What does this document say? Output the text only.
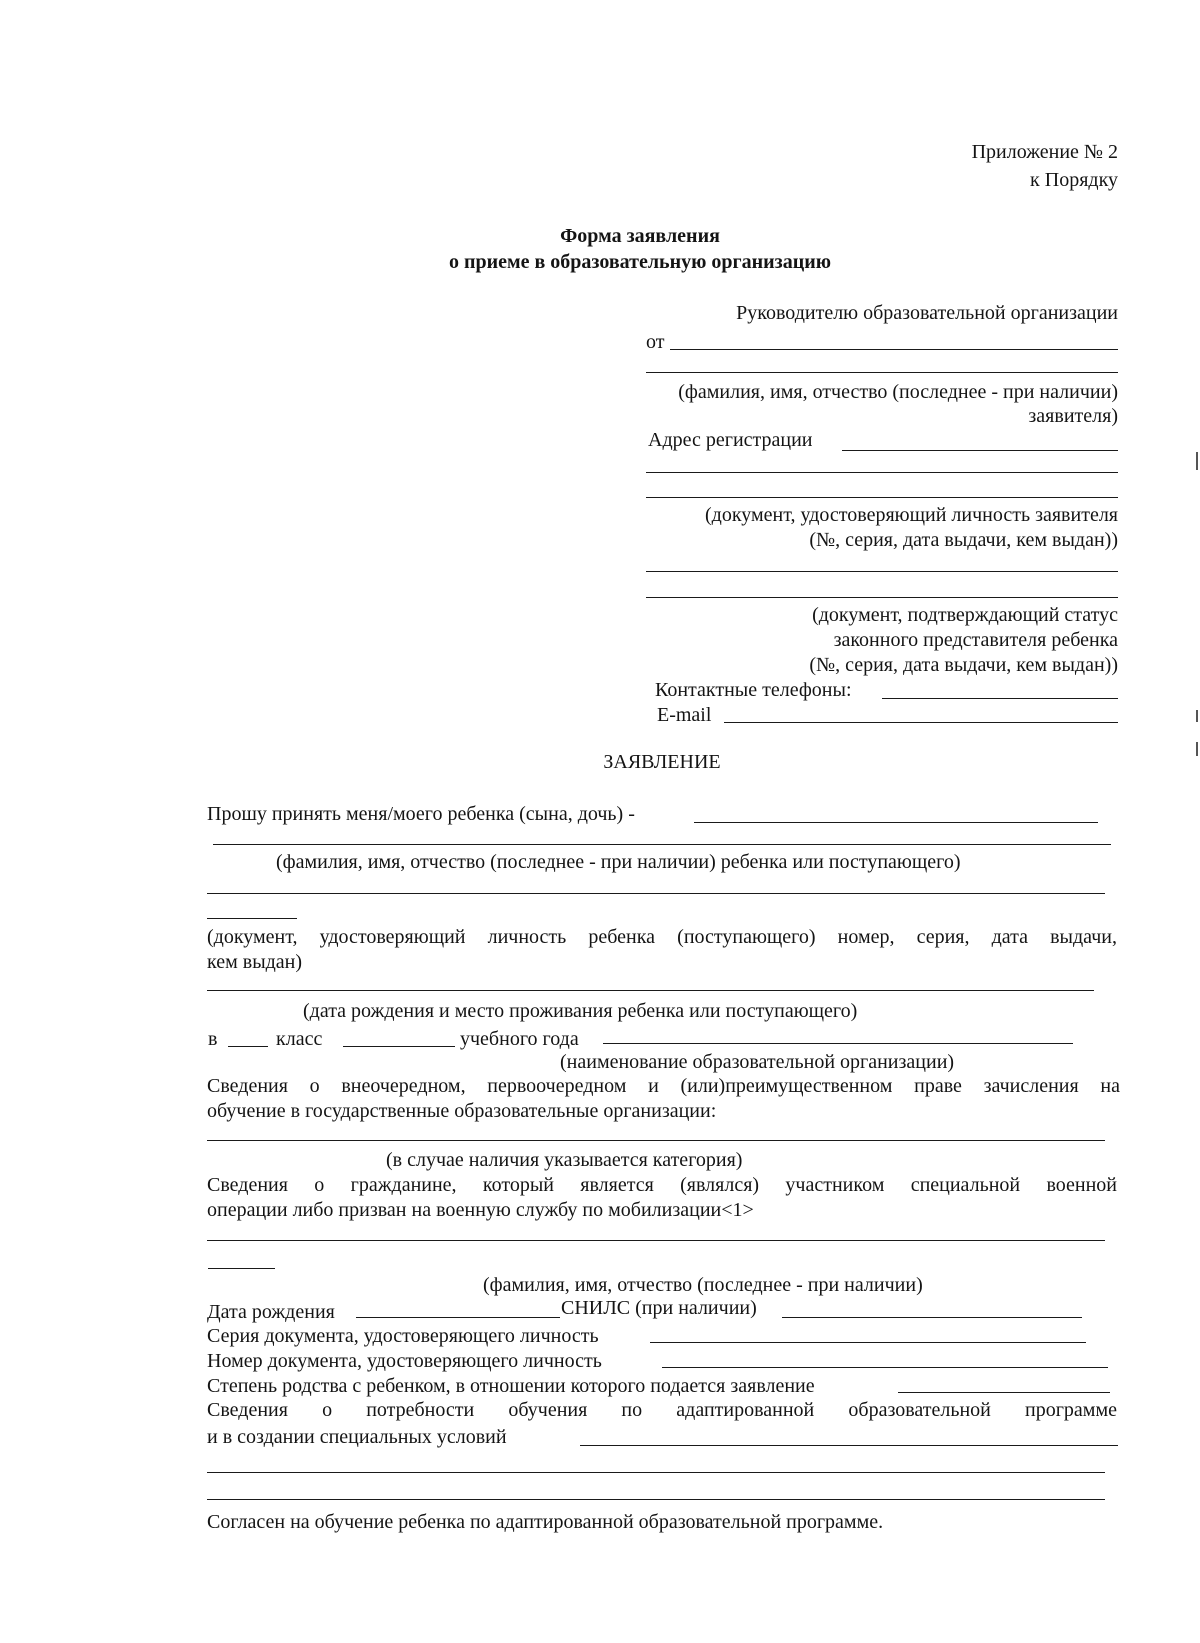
Приложение № 2
к Порядку
Форма заявления
о приеме в образовательную организацию
Руководителю образовательной организации
от
(фамилия, имя, отчество (последнее - при наличии)
заявителя)
Адрес регистрации
(документ, удостоверяющий личность заявителя
(№, серия, дата выдачи, кем выдан))
(документ, подтверждающий статус
законного представителя ребенка
(№, серия, дата выдачи, кем выдан))
Контактные телефоны:
E-mail
ЗАЯВЛЕНИЕ
Прошу принять меня/моего ребенка (сына, дочь) -
(фамилия, имя, отчество (последнее - при наличии) ребенка или поступающего)
(документ, удостоверяющий личность ребенка (поступающего) номер, серия, дата выдачи,
кем выдан)
(дата рождения и место проживания ребенка или поступающего)
в	класс	учебного года
(наименование образовательной организации)
Сведения о внеочередном, первоочередном и (или)преимущественном праве зачисления на
обучение в государственные образовательные организации:
(в случае наличия указывается категория)
Сведения о гражданине, который является (являлся) участником специальной военной
операции либо призван на военную службу по мобилизации<1>
(фамилия, имя, отчество (последнее - при наличии)
Дата рождения	СНИЛС (при наличии)
Серия документа, удостоверяющего личность
Номер документа, удостоверяющего личность
Степень родства с ребенком, в отношении которого подается заявление
Сведения о потребности обучения по адаптированной образовательной программе
и в создании специальных условий
Согласен на обучение ребенка по адаптированной образовательной программе.
